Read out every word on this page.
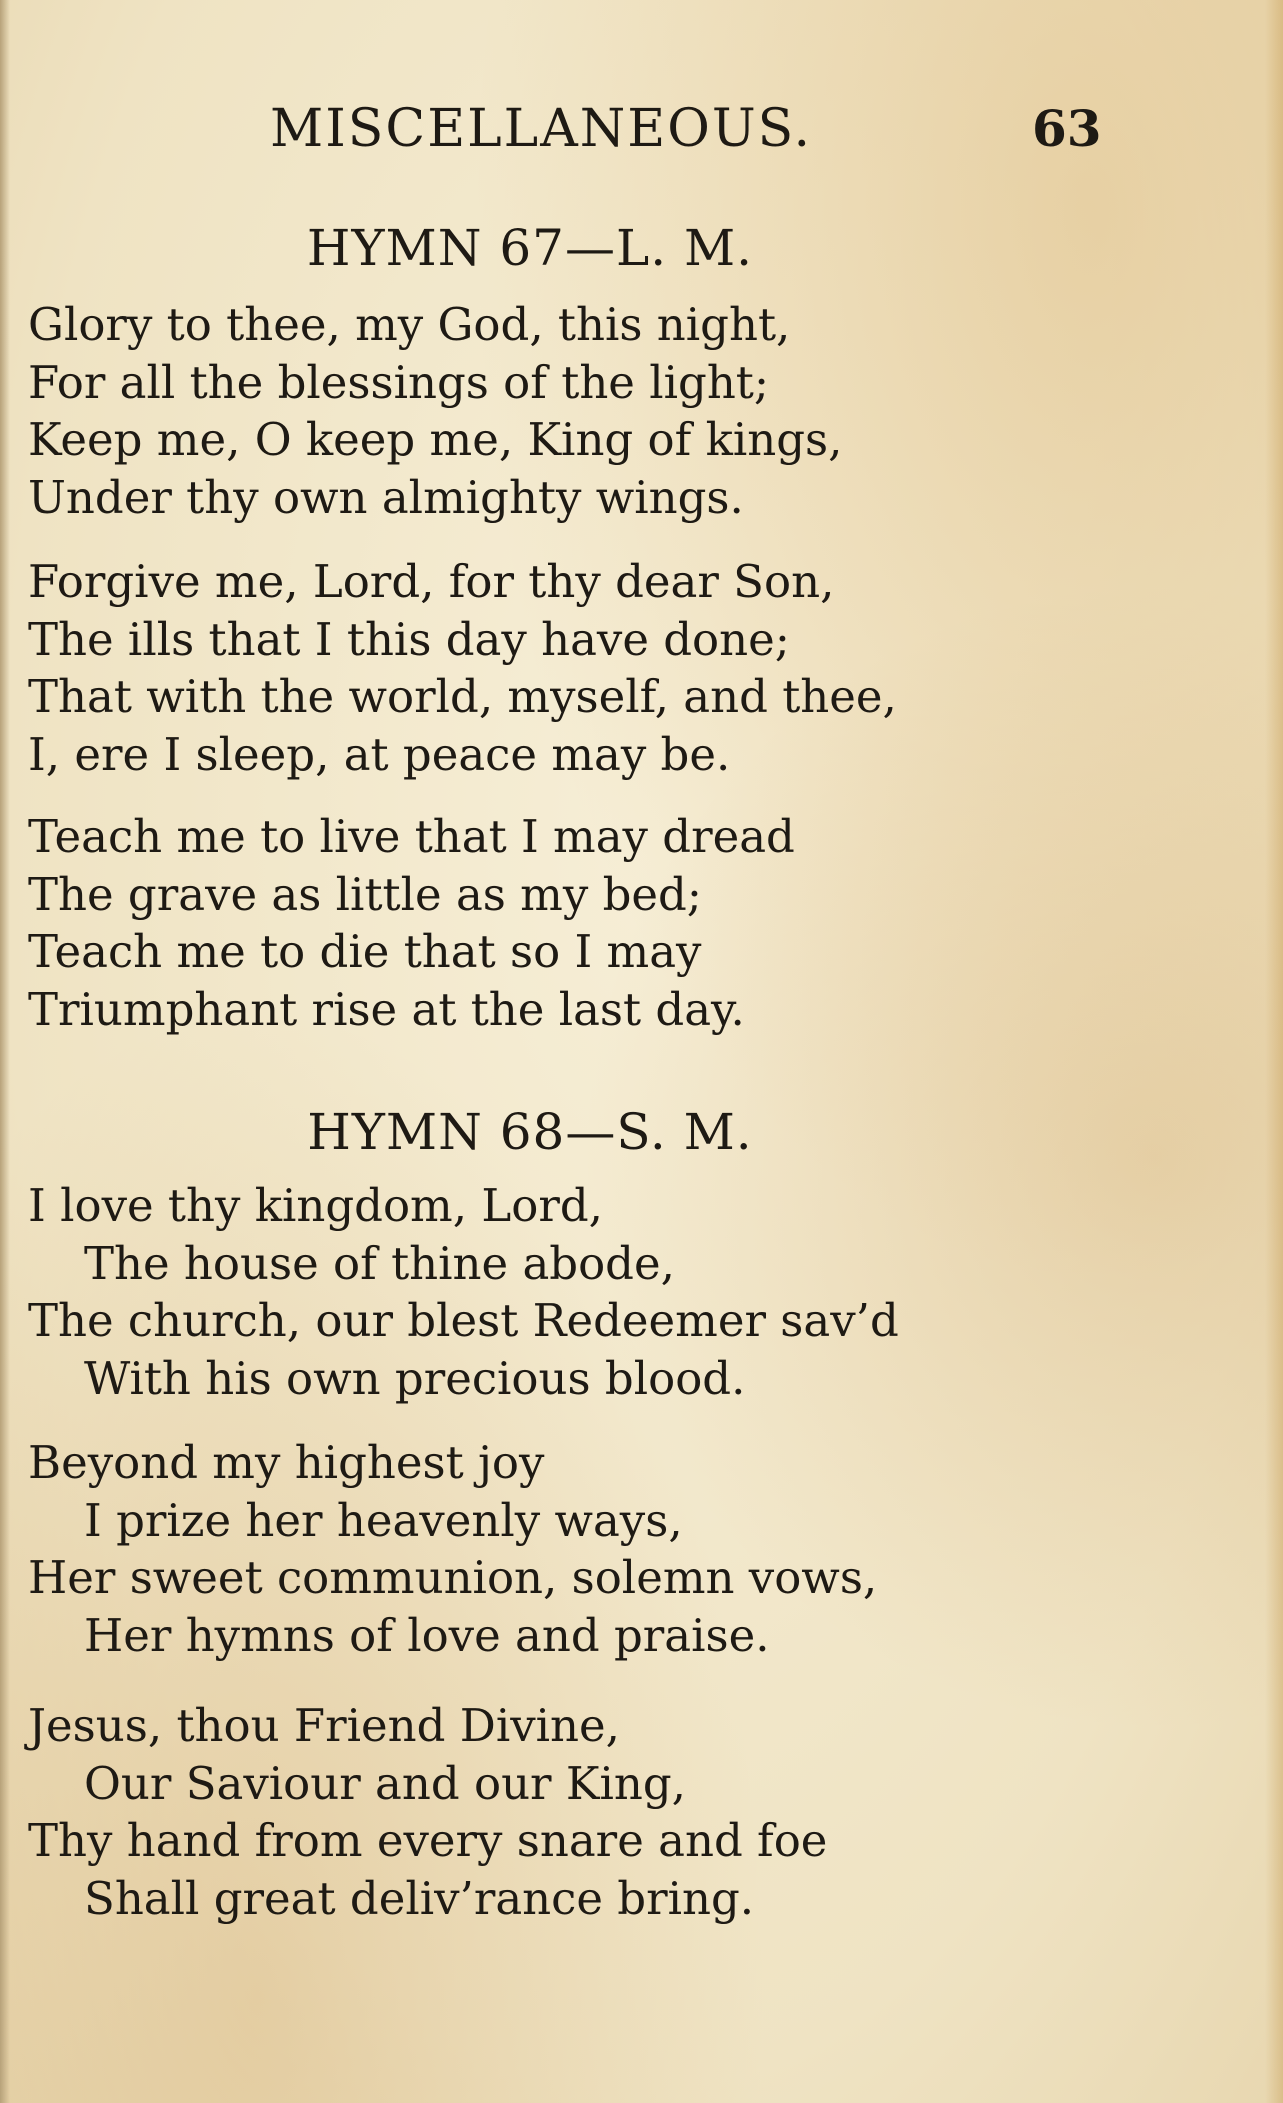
MISCELLANEOUS.	63
HYMN 67—L. M.
Glory to thee, my God, this night,
For all the blessings of the light;
Keep me, O keep me, King of kings,
Under thy own almighty wings.
Forgive me, Lord, for thy dear Son,
The ills that I this day have done;
That with the world, myself, and thee,
I, ere I sleep, at peace may be.
Teach me to live that I may dread
The grave as little as my bed;
Teach me to die that so I may
Triumphant rise at the last day.
HYMN 68—S. M.
I love thy kingdom, Lord,
The house of thine abode,
The church, our blest Redeemer sav’d
With his own precious blood.
Beyond my highest joy
I prize her heavenly ways,
Her sweet communion, solemn vows,
Her hymns of love and praise.
Jesus, thou Friend Divine,
Our Saviour and our King,
Thy hand from every snare and foe
Shall great deliv’rance bring.
